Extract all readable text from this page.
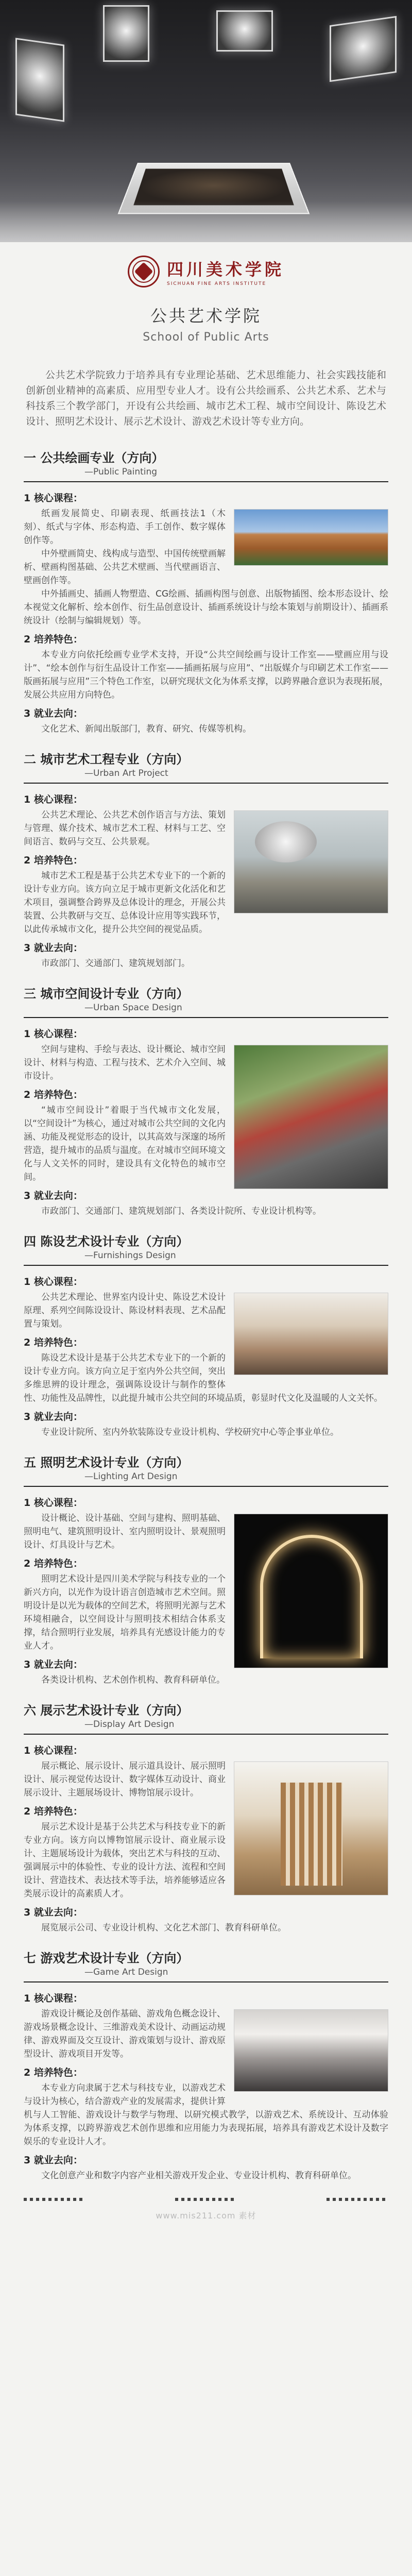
四川美术学院
SICHUAN FINE ARTS INSTITUTE
公共艺术学院
School of Public Arts
公共艺术学院致力于培养具有专业理论基础、艺术思维能力、社会实践技能和创新创业精神的高素质、应用型专业人才。设有公共绘画系、公共艺术系、艺术与科技系三个教学部门，开设有公共绘画、城市艺术工程、城市空间设计、陈设艺术设计、照明艺术设计、展示艺术设计、游戏艺术设计等专业方向。
一 公共绘画专业（方向）
—Public Painting
1 核心课程：
纸画发展简史、印刷表现、纸画技法1（木刻）、纸式与字体、形态构造、手工创作、数字媒体创作等。
中外壁画简史、线构成与造型、中国传统壁画解析、壁画构图基础、公共艺术壁画、当代壁画语言、壁画创作等。
中外插画史、插画人物塑造、CG绘画、插画构图与创意、出版物插图、绘本形态设计、绘本视觉文化解析、绘本创作、衍生品创意设计、插画系统设计与绘本策划与前期设计）、插画系统设计（绘制与编辑规划）等。
2 培养特色：
本专业方向依托绘画专业学术支持，开设“公共空间绘画与设计工作室——壁画应用与设计”、“绘本创作与衍生品设计工作室——插画拓展与应用”、“出版媒介与印刷艺术工作室——版画拓展与应用”三个特色工作室，以研究现状文化为体系支撑，以跨界融合意识为表现拓展，发展公共应用方向特色。
3 就业去向：
文化艺术、新闻出版部门，教育、研究、传媒等机构。
二 城市艺术工程专业（方向）
—Urban Art Project
1 核心课程：
公共艺术理论、公共艺术创作语言与方法、策划与管理、媒介技术、城市艺术工程、材料与工艺、空间语言、数码与交互、公共景观。
2 培养特色：
城市艺术工程是基于公共艺术专业下的一个新的设计专业方向。该方向立足于城市更新文化活化和艺术项目，强调整合跨界及总体设计的理念，开展公共装置、公共教研与交互、总体设计应用等实践环节，以此传承城市文化，提升公共空间的视觉品质。
3 就业去向：
市政部门、交通部门、建筑规划部门。
三 城市空间设计专业（方向）
—Urban Space Design
1 核心课程：
空间与建构、手绘与表达、设计概论、城市空间设计、材料与构造、工程与技术、艺术介入空间、城市设计。
2 培养特色：
“城市空间设计”着眼于当代城市文化发展，以“空间设计”为核心，通过对城市公共空间的文化内涵、功能及视觉形态的设计，以其高效与深邃的场所营造，提升城市的品质与温度。在对城市空间环境文化与人文关怀的同时，建设具有文化特色的城市空间。
3 就业去向：
市政部门、交通部门、建筑规划部门、各类设计院所、专业设计机构等。
四 陈设艺术设计专业（方向）
—Furnishings Design
1 核心课程：
公共艺术理论、世界室内设计史、陈设艺术设计原理、系列空间陈设设计、陈设材料表现、艺术品配置与策划。
2 培养特色：
陈设艺术设计是基于公共艺术专业下的一个新的设计专业方向。该方向立足于室内外公共空间，突出多维思辨的设计理念，强调陈设设计与制作的整体性、功能性及品牌性，以此提升城市公共空间的环境品质，彰显时代文化及温暖的人文关怀。
3 就业去向：
专业设计院所、室内外软装陈设专业设计机构、学校研究中心等企事业单位。
五 照明艺术设计专业（方向）
—Lighting Art Design
1 核心课程：
设计概论、设计基础、空间与建构、照明基础、照明电气、建筑照明设计、室内照明设计、景观照明设计、灯具设计与艺术。
2 培养特色：
照明艺术设计是四川美术学院与科技专业的一个新兴方向，以光作为设计语言创造城市艺术空间。照明设计是以光为载体的空间艺术，将照明光源与艺术环境相融合，以空间设计与照明技术相结合体系支撑，结合照明行业发展，培养具有光感设计能力的专业人才。
3 就业去向：
各类设计机构、艺术创作机构、教育科研单位。
六 展示艺术设计专业（方向）
—Display Art Design
1 核心课程：
展示概论、展示设计、展示道具设计、展示照明设计、展示视觉传达设计、数字媒体互动设计、商业展示设计、主题展场设计、博物馆展示设计。
2 培养特色：
展示艺术设计是基于公共艺术与科技专业下的新专业方向。该方向以博物馆展示设计、商业展示设计、主题展场设计为载体，突出艺术与科技的互动、强调展示中的体验性、专业的设计方法、流程和空间设计、营造技术、表达技术等手法，培养能够适应各类展示设计的高素质人才。
3 就业去向：
展览展示公司、专业设计机构、文化艺术部门、教育科研单位。
七 游戏艺术设计专业（方向）
—Game Art Design
1 核心课程：
游戏设计概论及创作基础、游戏角色概念设计、游戏场景概念设计、三维游戏美术设计、动画运动规律、游戏界面及交互设计、游戏策划与设计、游戏原型设计、游戏项目开发等。
2 培养特色：
本专业方向隶属于艺术与科技专业，以游戏艺术与设计为核心，结合游戏产业的发展需求，提供计算机与人工智能、游戏设计与数学与物理、以研究模式教学，以游戏艺术、系统设计、互动体验为体系支撑，以跨界游戏艺术创作思维和应用能力为表现拓展，培养具有游戏艺术设计及数字娱乐的专业设计人才。
3 就业去向：
文化创意产业和数字内容产业相关游戏开发企业、专业设计机构、教育科研单位。
www.mis211.com 素材
